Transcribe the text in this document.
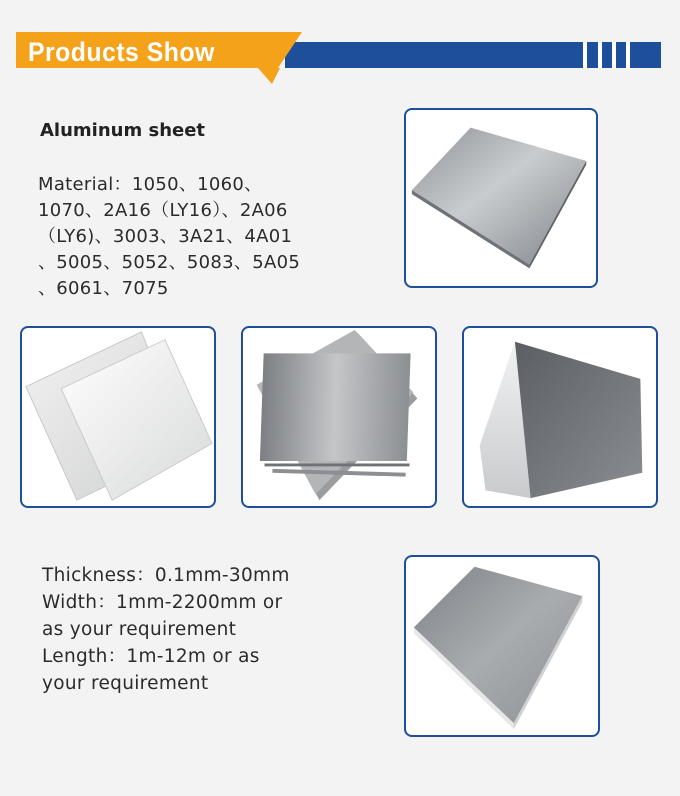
Products Show
Aluminum sheet
Material：1050、1060、
1070、2A16（LY16）、2A06
（LY6)、3003、3A21、4A01
、5005、5052、5083、5A05
、6061、7075
Thickness：0.1mm-30mm
Width：1mm-2200mm or
as your requirement
Length：1m-12m or as
your requirement
